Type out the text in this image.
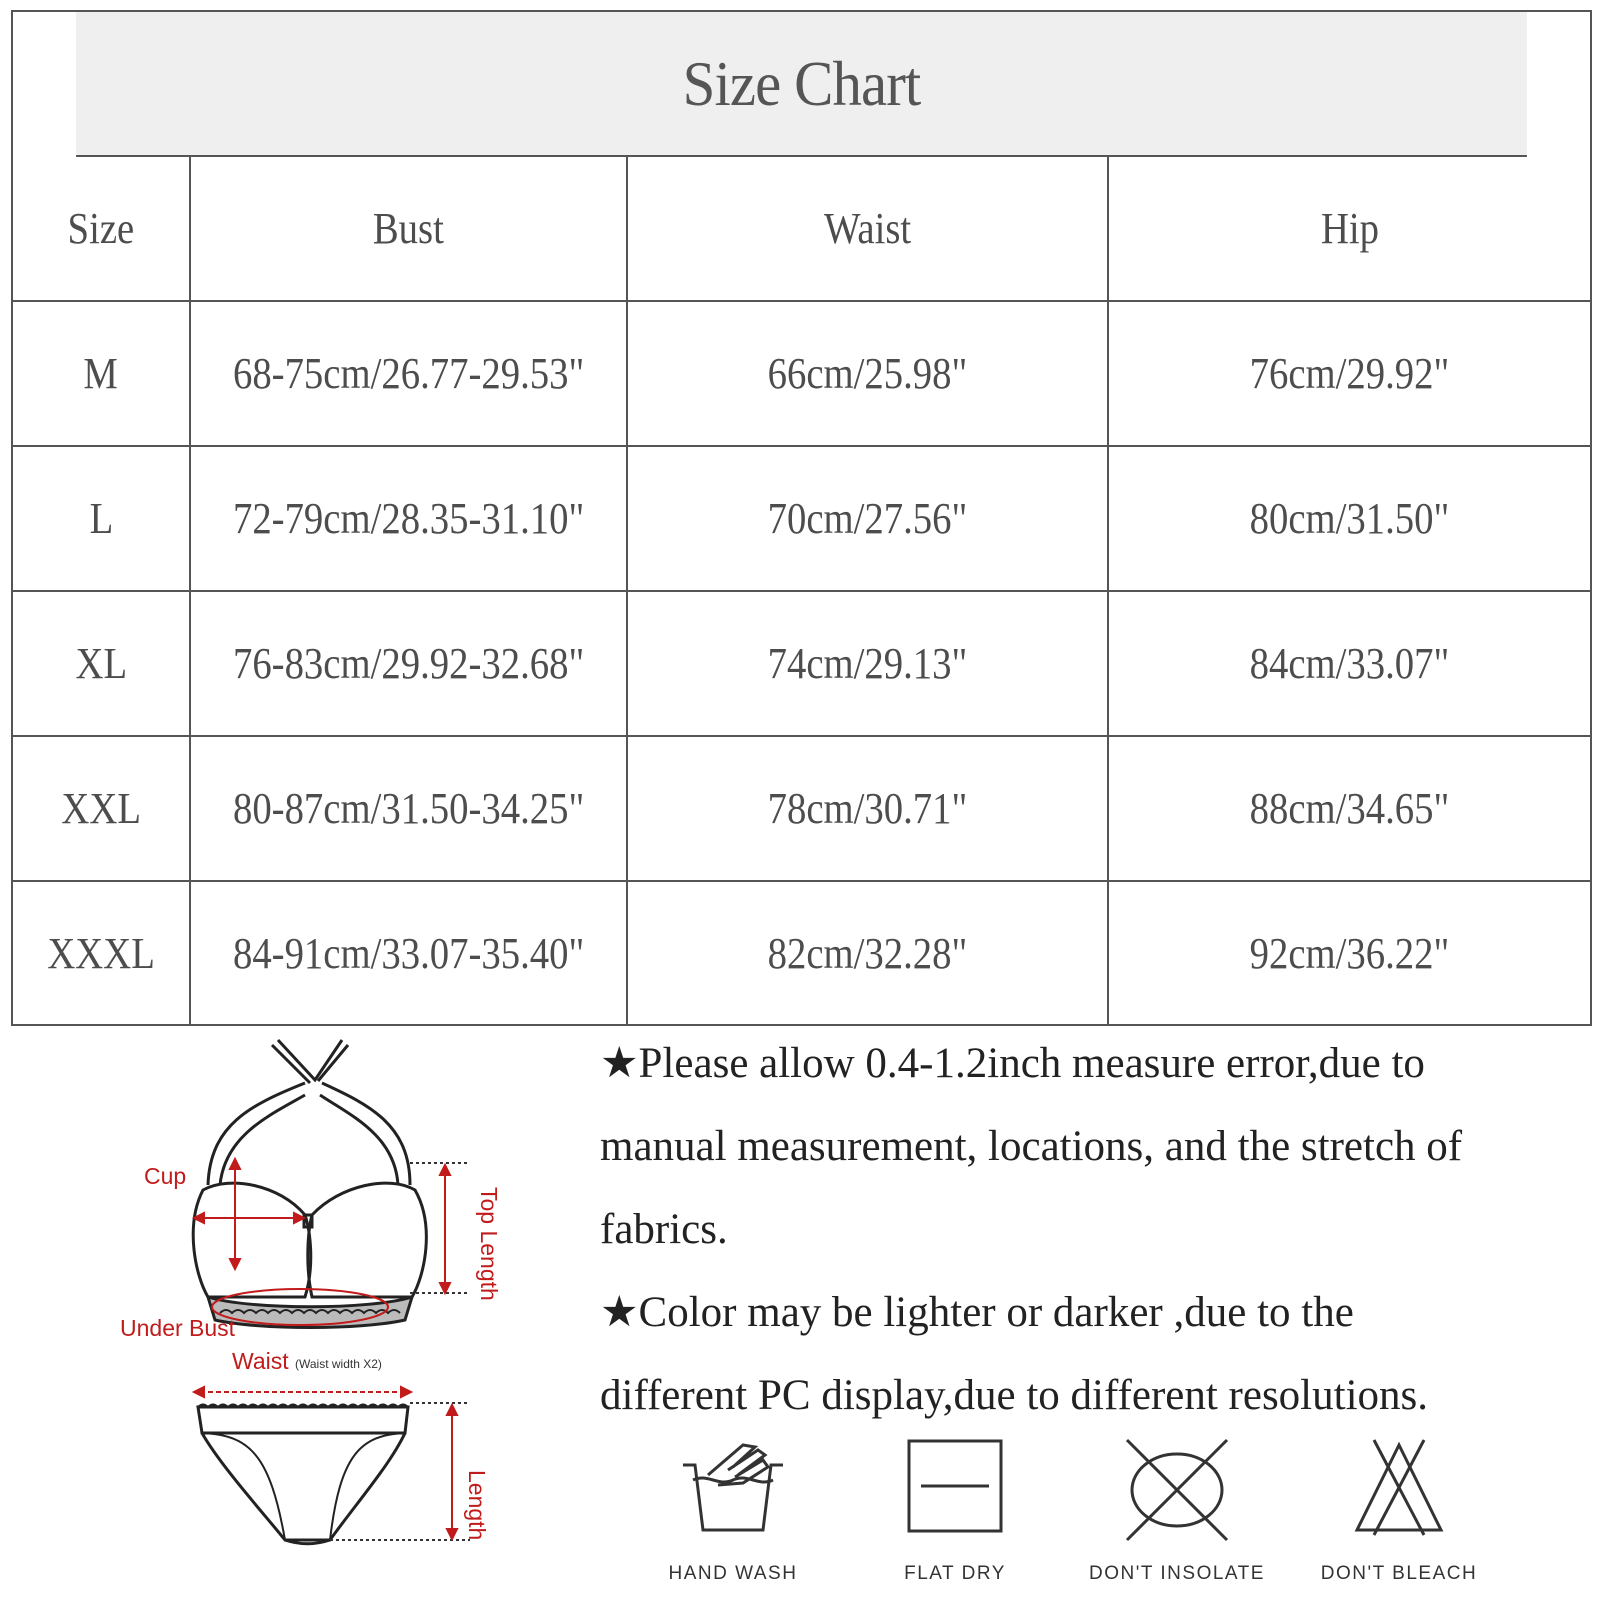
Size Chart
Size	Bust	Waist	Hip
M	68-75cm/26.77-29.53"	66cm/25.98"	76cm/29.92"
L	72-79cm/28.35-31.10"	70cm/27.56"	80cm/31.50"
XL	76-83cm/29.92-32.68"	74cm/29.13"	84cm/33.07"
XXL	80-87cm/31.50-34.25"	78cm/30.71"	88cm/34.65"
XXXL	84-91cm/33.07-35.40"	82cm/32.28"	92cm/36.22"
Cup
Top Length
Under Bust
Waist (Waist width X2)
Length
★Please allow 0.4-1.2inch measure error,due to
manual measurement, locations, and the stretch of
fabrics.
★Color may be lighter or darker ,due to the
different PC display,due to different resolutions.
HAND WASH	FLAT DRY	DON'T INSOLATE	DON'T BLEACH
